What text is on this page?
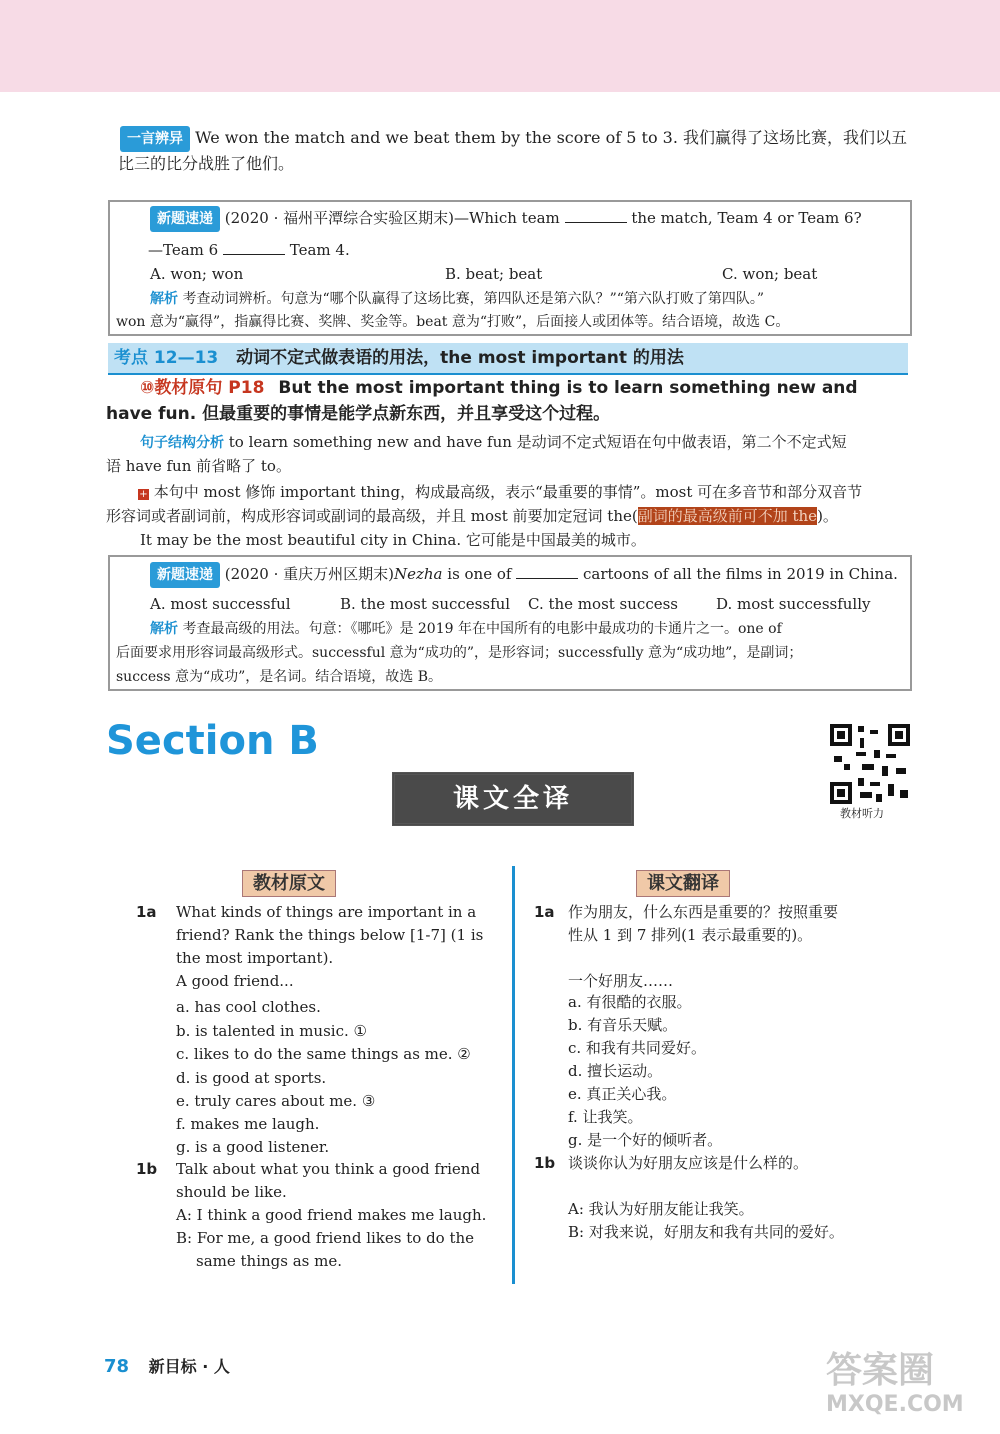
一言辨异 We won the match and we beat them by the score of 5 to 3. 我们赢得了这场比赛，我们以五
比三的比分战胜了他们。
新题速递 (2020 · 福州平潭综合实验区期末)—Which team	the match, Team 4 or Team 6?
—Team 6	Team 4.
A. won; won	B. beat; beat	C. won; beat
解析 考查动词辨析。句意为“哪个队赢得了这场比赛，第四队还是第六队？”“第六队打败了第四队。”
won 意为“赢得”，指赢得比赛、奖牌、奖金等。beat 意为“打败”，后面接人或团体等。结合语境，故选 C。
考点 12—13 动词不定式做表语的用法，the most important 的用法
⑩教材原句 P18 But the most important thing is to learn something new and
have fun. 但最重要的事情是能学点新东西，并且享受这个过程。
句子结构分析 to learn something new and have fun 是动词不定式短语在句中做表语，第二个不定式短
语 have fun 前省略了 to。
+ 本句中 most 修饰 important thing，构成最高级，表示“最重要的事情”。most 可在多音节和部分双音节
形容词或者副词前，构成形容词或副词的最高级，并且 most 前要加定冠词 the(副词的最高级前可不加 the)。
It may be the most beautiful city in China. 它可能是中国最美的城市。
新题速递 (2020 · 重庆万州区期末)Nezha is one of	cartoons of all the films in 2019 in China.
A. most successful	B. the most successful C. the most success	D. most successfully
解析 考查最高级的用法。句意：《哪吒》是 2019 年在中国所有的电影中最成功的卡通片之一。one of
后面要求用形容词最高级形式。successful 意为“成功的”，是形容词；successfully 意为“成功地”，是副词；
success 意为“成功”，是名词。结合语境，故选 B。
Section B
课文全译	教材听力
教材原文	课文翻译
1a What kinds of things are important in a
friend? Rank the things below [1-7] (1 is
the most important).
A good friend...
a. has cool clothes.
b. is talented in music. ①
c. likes to do the same things as me. ②
d. is good at sports.
e. truly cares about me. ③
f. makes me laugh.
g. is a good listener.
1b Talk about what you think a good friend
should be like.
A: I think a good friend makes me laugh.
B: For me, a good friend likes to do the
same things as me.
1a 作为朋友，什么东西是重要的？按照重要
性从 1 到 7 排列(1 表示最重要的)。
一个好朋友……
a. 有很酷的衣服。
b. 有音乐天赋。
c. 和我有共同爱好。
d. 擅长运动。
e. 真正关心我。
f. 让我笑。
g. 是一个好的倾听者。
1b 谈谈你认为好朋友应该是什么样的。
A: 我认为好朋友能让我笑。
B: 对我来说，好朋友和我有共同的爱好。
78 新目标 · 人	答案圈
MXQE.COM
